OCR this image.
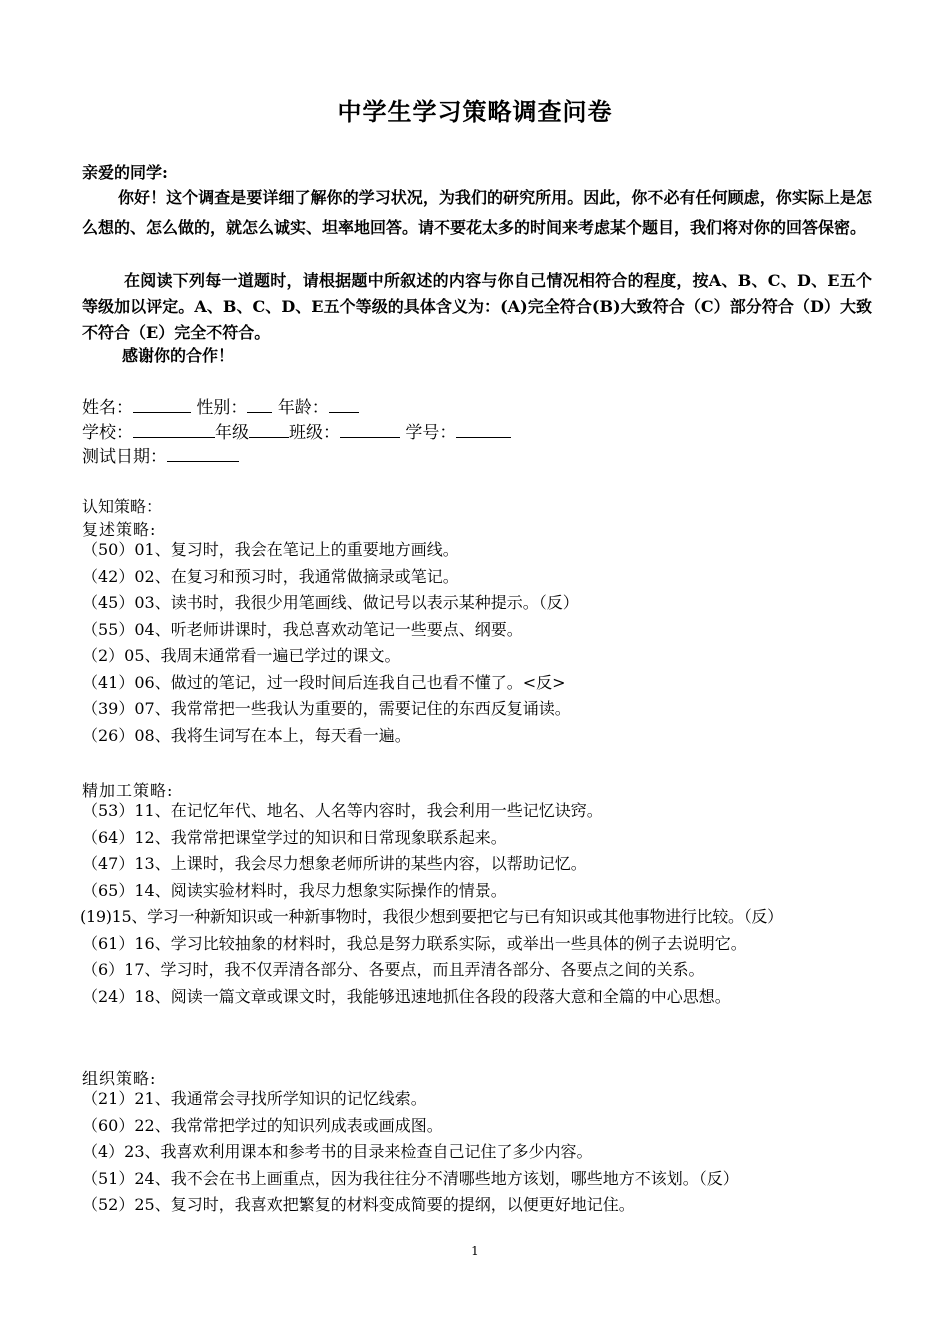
中学生学习策略调查问卷
亲爱的同学:
你好！这个调查是要详细了解你的学习状况，为我们的研究所用。因此，你不必有任何顾虑，你实际上是怎么想的、怎么做的，就怎么诚实、坦率地回答。请不要花太多的时间来考虑某个题目，我们将对你的回答保密。
在阅读下列每一道题时，请根据题中所叙述的内容与你自己情况相符合的程度，按A、B、C、D、E五个等级加以评定。A、B、C、D、E五个等级的具体含义为：(A)完全符合(B)大致符合（C）部分符合（D）大致不符合（E）完全不符合。
感谢你的合作！
姓名：	性别： 年龄：
学校：	年级 班级：	学号：
测试日期：
认知策略：
复述策略:
（50）01、复习时，我会在笔记上的重要地方画线。
（42）02、在复习和预习时，我通常做摘录或笔记。
（45）03、读书时，我很少用笔画线、做记号以表示某种提示。（反）
（55）04、听老师讲课时，我总喜欢动笔记一些要点、纲要。
（2）05、我周末通常看一遍已学过的课文。
（41）06、做过的笔记，过一段时间后连我自己也看不懂了。<反>
（39）07、我常常把一些我认为重要的，需要记住的东西反复诵读。
（26）08、我将生词写在本上，每天看一遍。
精加工策略:
（53）11、在记忆年代、地名、人名等内容时，我会利用一些记忆诀窍。
（64）12、我常常把课堂学过的知识和日常现象联系起来。
（47）13、上课时，我会尽力想象老师所讲的某些内容，以帮助记忆。
（65）14、阅读实验材料时，我尽力想象实际操作的情景。
(19)15、学习一种新知识或一种新事物时，我很少想到要把它与已有知识或其他事物进行比较。（反）
（61）16、学习比较抽象的材料时，我总是努力联系实际，或举出一些具体的例子去说明它。
（6）17、学习时，我不仅弄清各部分、各要点，而且弄清各部分、各要点之间的关系。
（24）18、阅读一篇文章或课文时，我能够迅速地抓住各段的段落大意和全篇的中心思想。
组织策略:
（21）21、我通常会寻找所学知识的记忆线索。
（60）22、我常常把学过的知识列成表或画成图。
（4）23、我喜欢利用课本和参考书的目录来检查自己记住了多少内容。
（51）24、我不会在书上画重点，因为我往往分不清哪些地方该划，哪些地方不该划。（反）
（52）25、复习时，我喜欢把繁复的材料变成简要的提纲，以便更好地记住。
1
